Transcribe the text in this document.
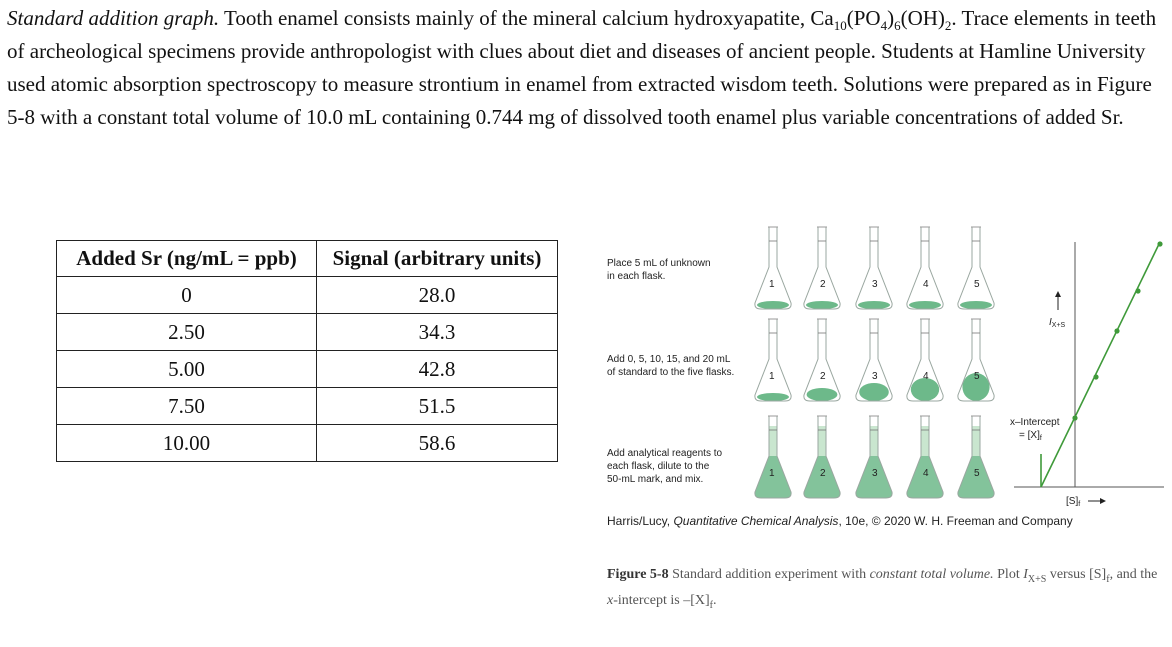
Standard addition graph. Tooth enamel consists mainly of the mineral calcium hydroxyapatite, $Ca_{10}(PO_4)_6(OH)_2$. Trace elements in teeth of archeological specimens provide anthropologist with clues about diet and diseases of ancient people. Students at Hamline University used atomic absorption spectroscopy to measure strontium in enamel from extracted wisdom teeth. Solutions were prepared as in Figure 5-8 with a constant total volume of 10.0 mL containing 0.744 mg of dissolved tooth enamel plus variable concentrations of added Sr.

Added Sr (ng/mL = ppb)	Signal (arbitrary units)
0	28.0
2.50	34.3
5.00	42.8
7.50	51.5
10.00	58.6
Place 5 mL of unknown
in each flask.
Add 0, 5, 10, 15, and 20 mL
of standard to the five flasks.
Add analytical reagents to
each flask, dilute to the
50-mL mark, and mix.
1	2	3	4	5
1	2	3	4	5
1	2	3	4	5
$I_{X+S}$
x–Intercept
= $[X]_f$
$[S]_f$
Harris/Lucy, Quantitative Chemical Analysis, 10e, © 2020 W. H. Freeman and Company
Figure 5-8 Standard addition experiment with constant total volume. Plot $I_{X+S}$ versus $[S]_f$, and the x-intercept is $-[X]_f$.
